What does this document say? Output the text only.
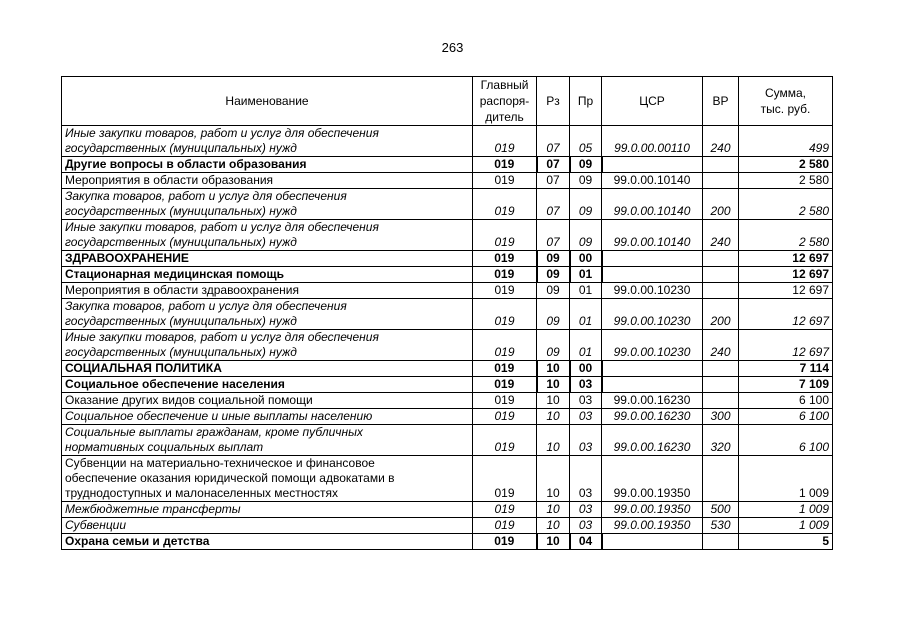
263
Наименование	Главный
распоря-
дитель	Рз	Пр	ЦСР	ВР	Сумма,
тыс. руб.
Иные закупки товаров, работ и услуг для обеспечения
государственных (муниципальных) нужд	019	07	05	99.0.00.00110	240	499
Другие вопросы в области образования	019	07	09			2 580
Мероприятия в области образования	019	07	09	99.0.00.10140		2 580
Закупка товаров, работ и услуг для обеспечения
государственных (муниципальных) нужд	019	07	09	99.0.00.10140	200	2 580
Иные закупки товаров, работ и услуг для обеспечения
государственных (муниципальных) нужд	019	07	09	99.0.00.10140	240	2 580
ЗДРАВООХРАНЕНИЕ	019	09	00			12 697
Стационарная медицинская помощь	019	09	01			12 697
Мероприятия в области здравоохранения	019	09	01	99.0.00.10230		12 697
Закупка товаров, работ и услуг для обеспечения
государственных (муниципальных) нужд	019	09	01	99.0.00.10230	200	12 697
Иные закупки товаров, работ и услуг для обеспечения
государственных (муниципальных) нужд	019	09	01	99.0.00.10230	240	12 697
СОЦИАЛЬНАЯ ПОЛИТИКА	019	10	00			7 114
Социальное обеспечение населения	019	10	03			7 109
Оказание других видов социальной помощи	019	10	03	99.0.00.16230		6 100
Социальное обеспечение и иные выплаты населению	019	10	03	99.0.00.16230	300	6 100
Социальные выплаты гражданам, кроме публичных
нормативных социальных выплат	019	10	03	99.0.00.16230	320	6 100
Субвенции на материально-техническое и финансовое
обеспечение оказания юридической помощи адвокатами в
труднодоступных и малонаселенных местностях	019	10	03	99.0.00.19350		1 009
Межбюджетные трансферты	019	10	03	99.0.00.19350	500	1 009
Субвенции	019	10	03	99.0.00.19350	530	1 009
Охрана семьи и детства	019	10	04			5
